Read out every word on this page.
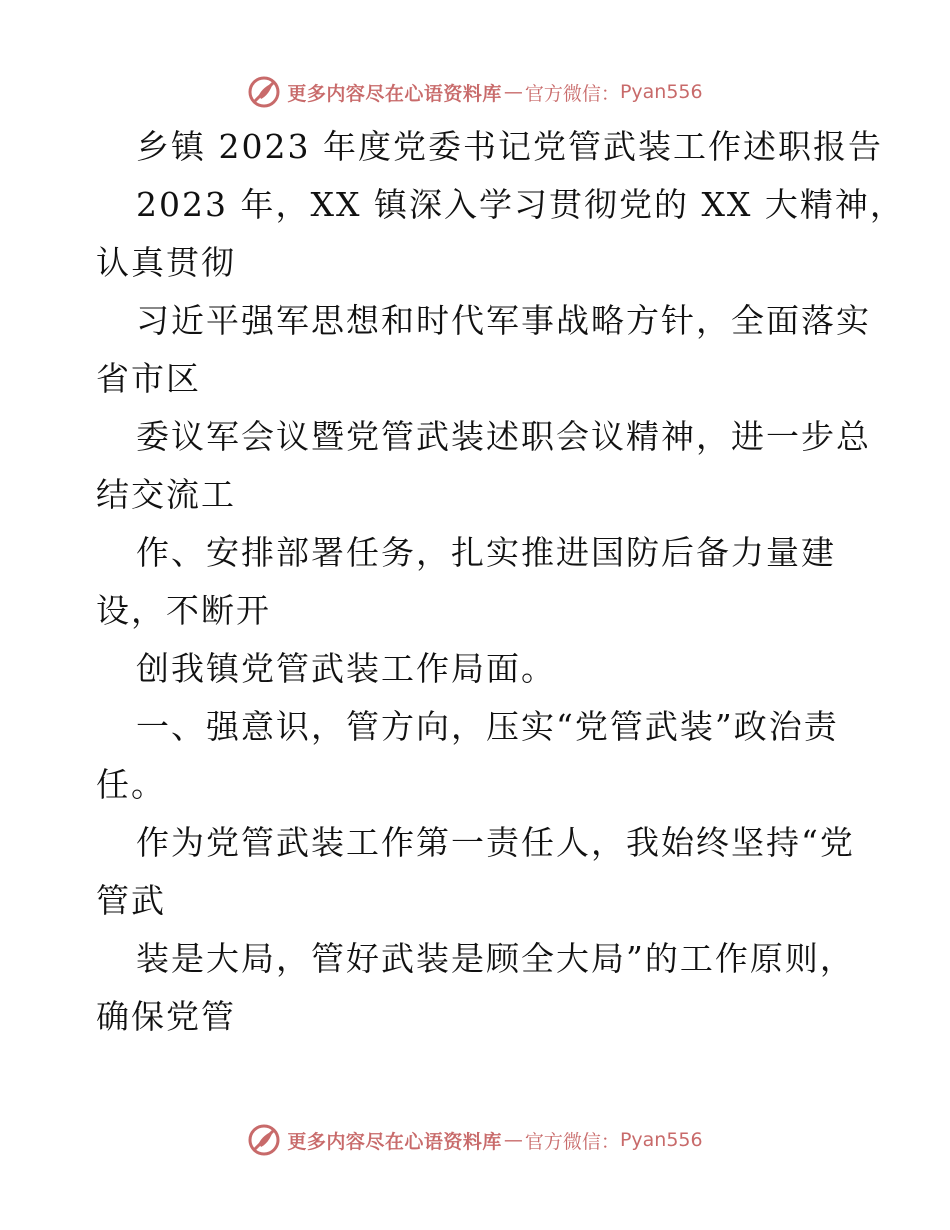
更多内容尽在心语资料库 — 官方微信： Pyan556
乡镇 2023 年度党委书记党管武装工作述职报告
2023 年，XX 镇深入学习贯彻党的 XX 大精神，
认真贯彻
习近平强军思想和时代军事战略方针，全面落实
省市区
委议军会议暨党管武装述职会议精神，进一步总
结交流工
作、安排部署任务，扎实推进国防后备力量建
设，不断开
创我镇党管武装工作局面。
一、强意识，管方向，压实“党管武装”政治责
任。
作为党管武装工作第一责任人，我始终坚持“党
管武
装是大局，管好武装是顾全大局”的工作原则，
确保党管
更多内容尽在心语资料库 — 官方微信： Pyan556
